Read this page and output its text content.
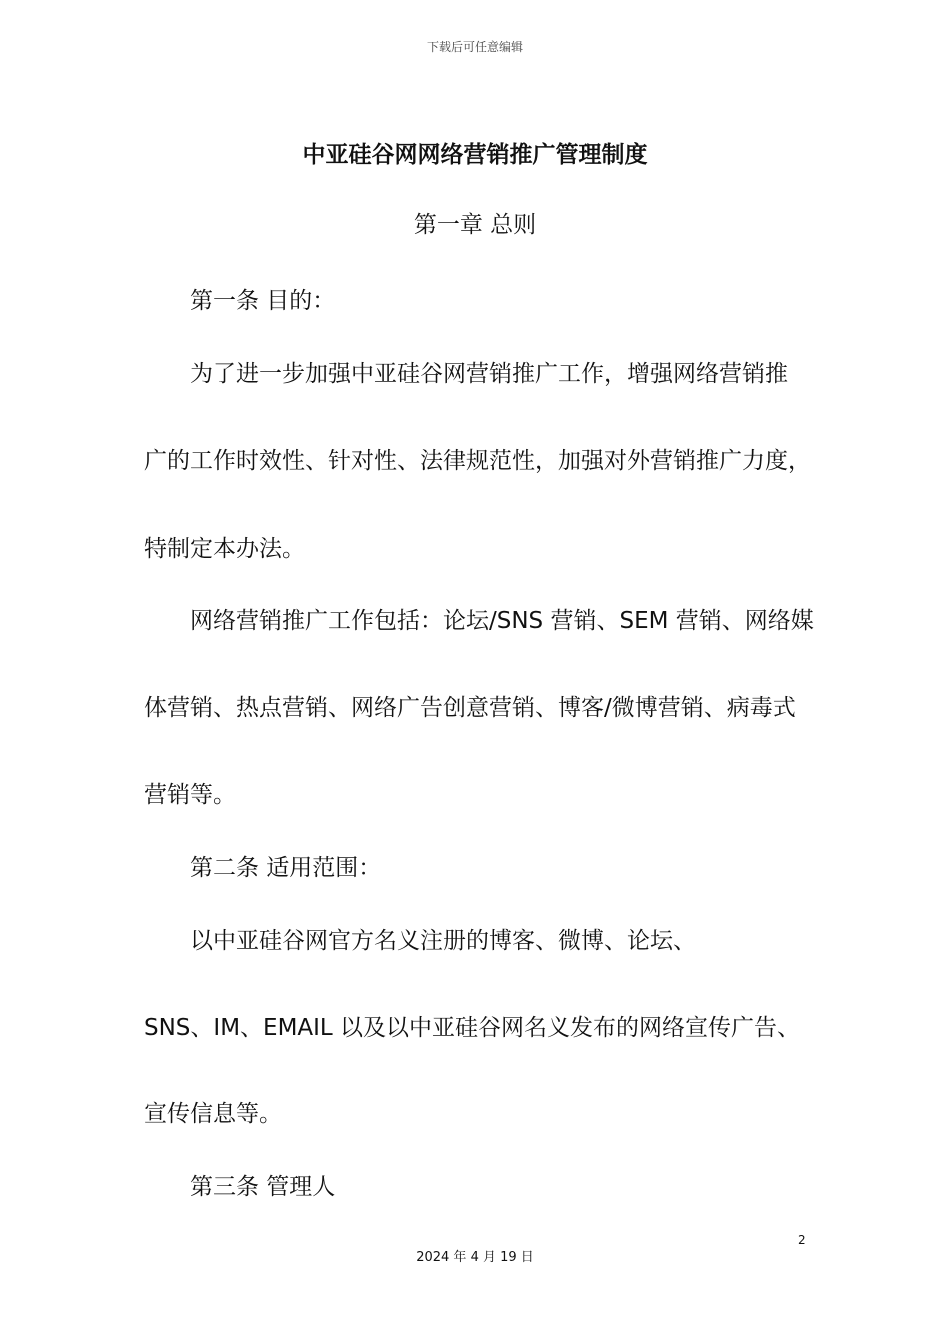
下载后可任意编辑
中亚硅谷网网络营销推广管理制度
第一章 总则
第一条 目的：
为了进一步加强中亚硅谷网营销推广工作，增强网络营销推
广的工作时效性、针对性、法律规范性，加强对外营销推广力度，
特制定本办法。
网络营销推广工作包括：论坛/SNS 营销、SEM 营销、网络媒
体营销、热点营销、网络广告创意营销、博客/微博营销、病毒式
营销等。
第二条 适用范围：
以中亚硅谷网官方名义注册的博客、微博、论坛、
SNS、IM、EMAIL 以及以中亚硅谷网名义发布的网络宣传广告、
宣传信息等。
第三条 管理人
2
2024 年 4 月 19 日
